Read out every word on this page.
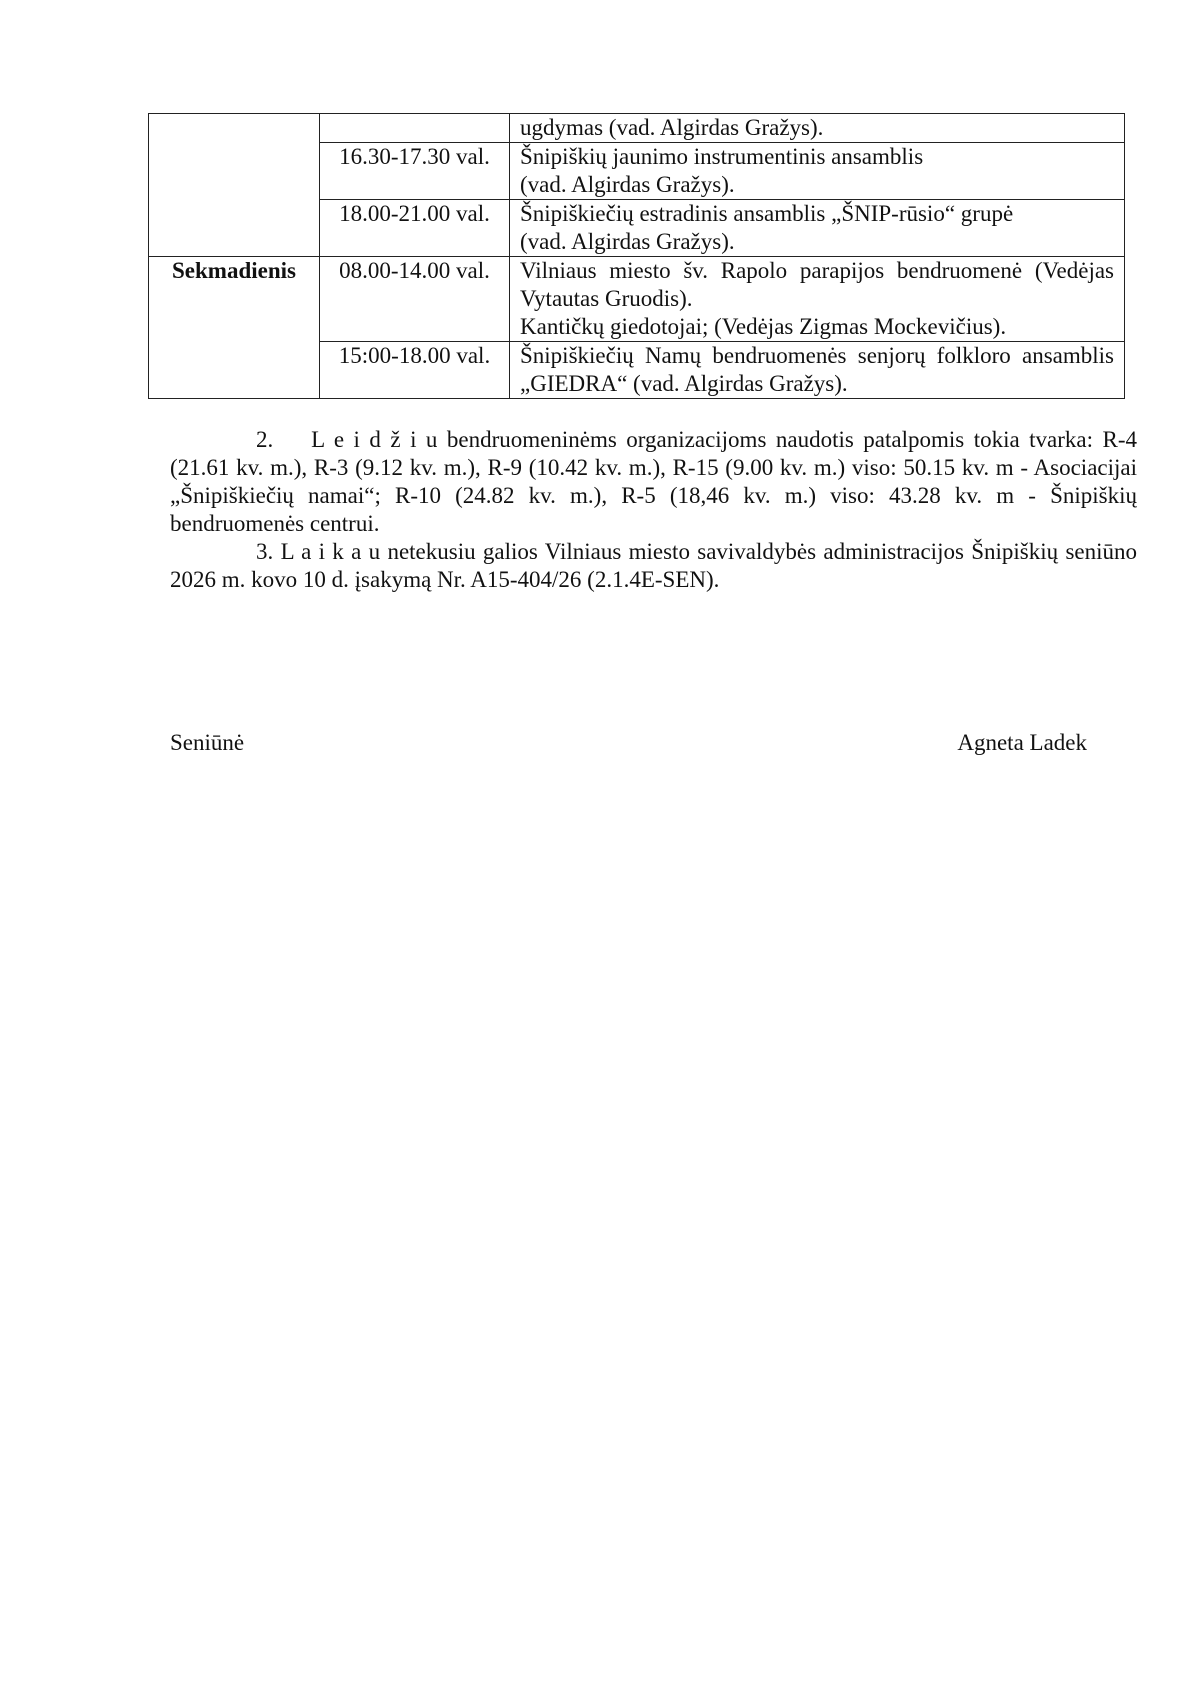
		ugdymas (vad. Algirdas Gražys).

	16.30-17.30 val.	Šnipiškių jaunimo instrumentinis ansamblis
(vad. Algirdas Gražys).

	18.00-21.00 val.	Šnipiškiečių estradinis ansamblis „ŠNIP-rūsio“ grupė
(vad. Algirdas Gražys).

Sekmadienis	08.00-14.00 val.	Vilniaus miesto šv. Rapolo parapijos bendruomenė (Vedėjas Vytautas Gruodis).
Kantičkų giedotojai; (Vedėjas Zigmas Mockevičius).

	15:00-18.00 val.	Šnipiškiečių Namų bendruomenės senjorų folkloro ansamblis „GIEDRA“ (vad. Algirdas Gražys).
2. L e i d ž i u bendruomeninėms organizacijoms naudotis patalpomis tokia tvarka: R-4 (21.61 kv. m.), R-3 (9.12 kv. m.), R-9 (10.42 kv. m.), R-15 (9.00 kv. m.) viso: 50.15 kv. m - Asociacijai „Šnipiškiečių namai“; R-10 (24.82 kv. m.), R-5 (18,46 kv. m.) viso: 43.28 kv. m - Šnipiškių bendruomenės centrui.
3. L a i k a u netekusiu galios Vilniaus miesto savivaldybės administracijos Šnipiškių seniūno 2026 m. kovo 10 d. įsakymą Nr. A15-404/26 (2.1.4E-SEN).
Seniūnė	Agneta Ladek
